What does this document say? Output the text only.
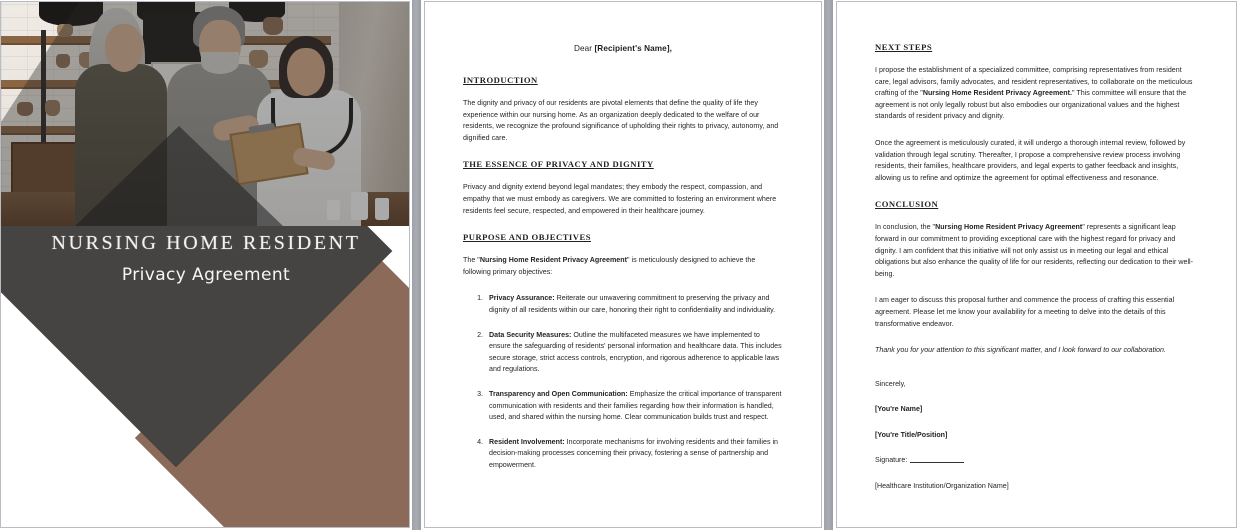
NURSING HOME RESIDENT
Privacy Agreement

Dear [Recipient's Name],

INTRODUCTION

The dignity and privacy of our residents are pivotal elements that define the quality of life they experience within our nursing home. As an organization deeply dedicated to the welfare of our residents, we recognize the profound significance of upholding their rights to privacy, autonomy, and dignified care.

THE ESSENCE OF PRIVACY AND DIGNITY

Privacy and dignity extend beyond legal mandates; they embody the respect, compassion, and empathy that we must embody as caregivers. We are committed to fostering an environment where residents feel secure, respected, and empowered in their healthcare journey.

PURPOSE AND OBJECTIVES

The "Nursing Home Resident Privacy Agreement" is meticulously designed to achieve the following primary objectives:

1. Privacy Assurance: Reiterate our unwavering commitment to preserving the privacy and dignity of all residents within our care, honoring their right to confidentiality and individuality.
2. Data Security Measures: Outline the multifaceted measures we have implemented to ensure the safeguarding of residents' personal information and healthcare data. This includes secure storage, strict access controls, encryption, and rigorous adherence to applicable laws and regulations.
3. Transparency and Open Communication: Emphasize the critical importance of transparent communication with residents and their families regarding how their information is handled, used, and shared within the nursing home. Clear communication builds trust and respect.
4. Resident Involvement: Incorporate mechanisms for involving residents and their families in decision-making processes concerning their privacy, fostering a sense of partnership and empowerment.
NEXT STEPS

I propose the establishment of a specialized committee, comprising representatives from resident care, legal advisors, family advocates, and resident representatives, to collaborate on the meticulous crafting of the "Nursing Home Resident Privacy Agreement." This committee will ensure that the agreement is not only legally robust but also embodies our organizational values and the highest standards of resident privacy and dignity.

Once the agreement is meticulously curated, it will undergo a thorough internal review, followed by validation through legal scrutiny. Thereafter, I propose a comprehensive review process involving residents, their families, healthcare providers, and legal experts to gather feedback and insights, allowing us to refine and optimize the agreement for optimal effectiveness and resonance.

CONCLUSION

In conclusion, the "Nursing Home Resident Privacy Agreement" represents a significant leap forward in our commitment to providing exceptional care with the highest regard for privacy and dignity. I am confident that this initiative will not only assist us in meeting our legal and ethical obligations but also enhance the quality of life for our residents, reflecting our dedication to their well-being.

I am eager to discuss this proposal further and commence the process of crafting this essential agreement. Please let me know your availability for a meeting to delve into the details of this transformative endeavor.

Thank you for your attention to this significant matter, and I look forward to our collaboration.

Sincerely,

[You're Name]

[You're Title/Position]

Signature:

[Healthcare Institution/Organization Name]
